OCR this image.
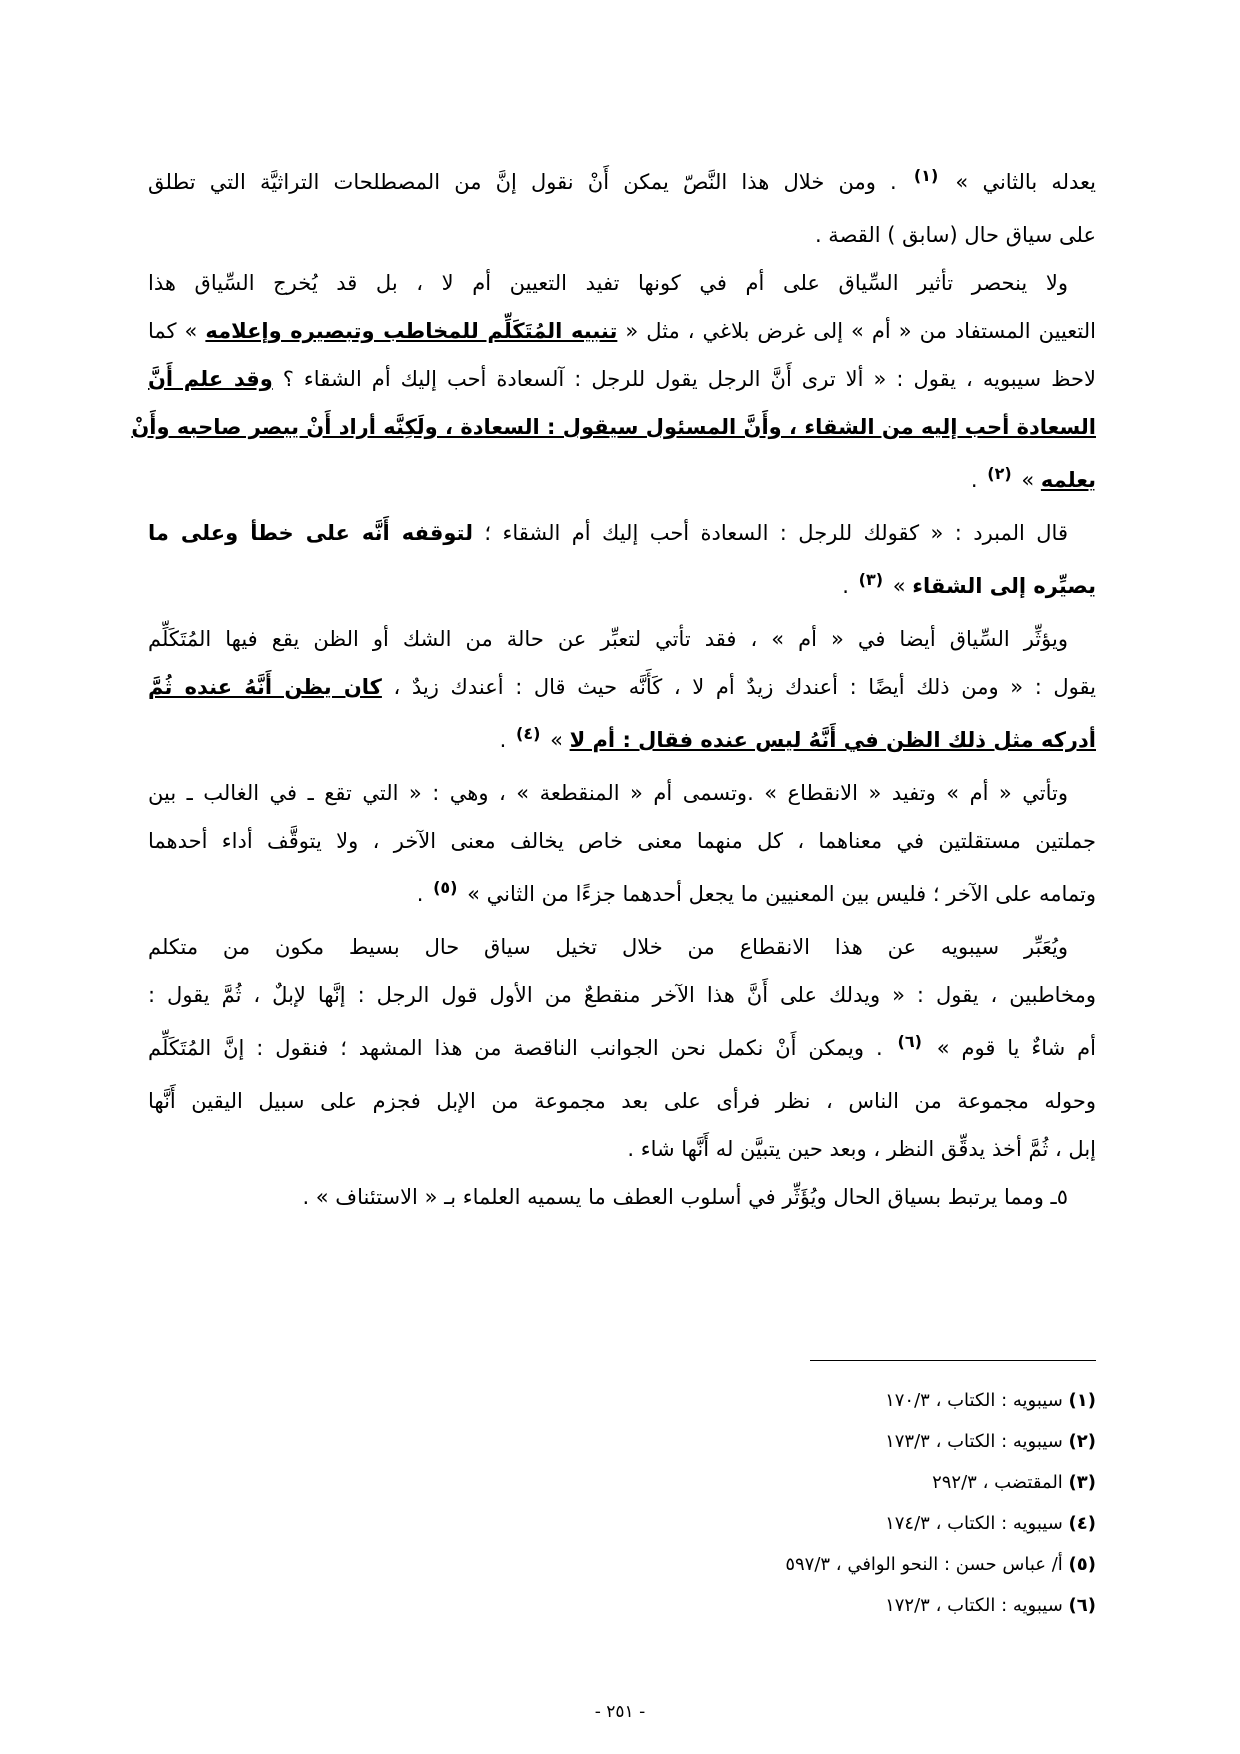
يعدله بالثاني » $^{(١)}$ . ومن خلال هذا النَّصّ يمكن أَنْ نقول إنَّ من المصطلحات التراثيَّة التي تطلق
على سياق حال (سابق ) القصة .
ولا ينحصر تأثير السِّياق على أم في كونها تفيد التعيين أم لا ، بل قد يُخرج السِّياق هذا
التعيين المستفاد من « أم » إلى غرض بلاغي ، مثل « تنبيه المُتَكَلِّم للمخاطب وتبصيره وإعلامه » كما
لاحظ سيبويه ، يقول : « ألا ترى أَنَّ الرجل يقول للرجل : آلسعادة أحب إليك أم الشقاء ؟ وقد علم أَنَّ
السعادة أحب إليه من الشقاء ، وأَنَّ المسئول سيقول : السعادة ، ولَكِنَّه أراد أَنْ يبصر صاحبه وأَنْ
يعلمه » $^{(٢)}$ .
قال المبرد : « كقولك للرجل : السعادة أحب إليك أم الشقاء ؛ لتوقفه أَنَّه على خطأ وعلى ما
يصيِّره إلى الشقاء » $^{(٣)}$ .
ويؤثِّر السِّياق أيضا في « أم » ، فقد تأتي لتعبِّر عن حالة من الشك أو الظن يقع فيها المُتَكَلِّم
يقول : « ومن ذلك أيضًا : أعندك زيدٌ أم لا ، كَأَنَّه حيث قال : أعندك زيدٌ ، كان يظن أَنَّهُ عنده ثُمَّ
أدركه مثل ذلك الظن في أَنَّهُ ليس عنده فقال : أم لا » $^{(٤)}$ .
وتأتي « أم » وتفيد « الانقطاع » .وتسمى أم « المنقطعة » ، وهي : « التي تقع ـ في الغالب ـ بين
جملتين مستقلتين في معناهما ، كل منهما معنى خاص يخالف معنى الآخر ، ولا يتوقَّف أداء أحدهما
وتمامه على الآخر ؛ فليس بين المعنيين ما يجعل أحدهما جزءًا من الثاني » $^{(٥)}$ .
ويُعَبِّر سيبويه عن هذا الانقطاع من خلال تخيل سياق حال بسيط مكون من متكلم
ومخاطبين ، يقول : « ويدلك على أَنَّ هذا الآخر منقطعٌ من الأول قول الرجل : إنَّها لإبلٌ ، ثُمَّ يقول :
أم شاءٌ يا قوم » $^{(٦)}$ . ويمكن أَنْ نكمل نحن الجوانب الناقصة من هذا المشهد ؛ فنقول : إنَّ المُتَكَلِّم
وحوله مجموعة من الناس ، نظر فرأى على بعد مجموعة من الإبل فجزم على سبيل اليقين أَنَّها
إبل ، ثُمَّ أخذ يدقِّق النظر ، وبعد حين يتبيَّن له أَنَّها شاء .
٥ـ ومما يرتبط بسياق الحال ويُؤَثِّر في أسلوب العطف ما يسميه العلماء بـ « الاستئناف » .
(١) سيبويه : الكتاب ، ١٧٠/٣
(٢) سيبويه : الكتاب ، ١٧٣/٣
(٣) المقتضب ، ٢٩٢/٣
(٤) سيبويه : الكتاب ، ١٧٤/٣
(٥) أ/ عباس حسن : النحو الوافي ، ٥٩٧/٣
(٦) سيبويه : الكتاب ، ١٧٢/٣
- ٢٥١ -
